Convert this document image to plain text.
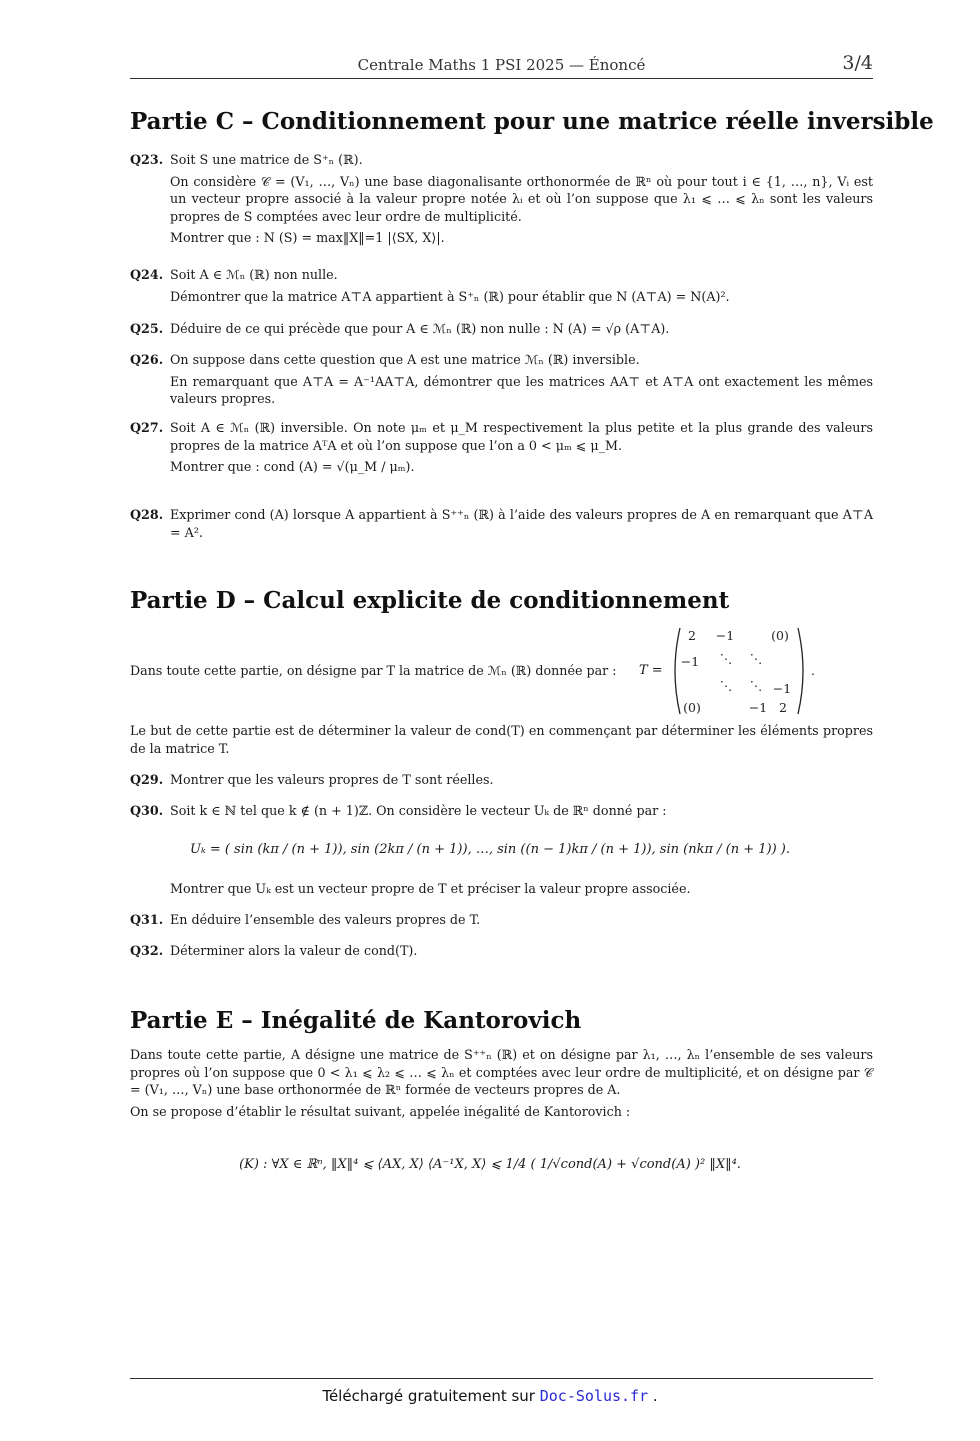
Centrale Maths 1 PSI 2025 — Énoncé	3/4
Partie C – Conditionnement pour une matrice réelle inversible
Q23. Soit S une matrice de S⁺ₙ (ℝ).

On considère 𝒞 = (V₁, …, Vₙ) une base diagonalisante orthonormée de ℝⁿ où pour tout i ∈ {1, …, n}, Vᵢ est un vecteur propre associé à la valeur propre notée λᵢ et où l’on suppose que λ₁ ⩽ … ⩽ λₙ sont les valeurs propres de S comptées avec leur ordre de multiplicité.

Montrer que : N (S) = max‖X‖=1 |⟨SX, X⟩|.

Q24. Soit A ∈ ℳₙ (ℝ) non nulle.

Démontrer que la matrice A⊤A appartient à S⁺ₙ (ℝ) pour établir que N (A⊤A) = N(A)².

Q25. Déduire de ce qui précède que pour A ∈ ℳₙ (ℝ) non nulle : N (A) = √ρ (A⊤A).

Q26. On suppose dans cette question que A est une matrice ℳₙ (ℝ) inversible.

En remarquant que A⊤A = A⁻¹AA⊤A, démontrer que les matrices AA⊤ et A⊤A ont exactement les mêmes valeurs propres.

Q27. Soit A ∈ ℳₙ (ℝ) inversible. On note μₘ et μ_M respectivement la plus petite et la plus grande des valeurs propres de la matrice AᵀA et où l’on suppose que l’on a 0 < μₘ ⩽ μ_M.

Montrer que : cond (A) = √(μ_M / μₘ).

Q28. Exprimer cond (A) lorsque A appartient à S⁺⁺ₙ (ℝ) à l’aide des valeurs propres de A en remarquant que A⊤A = A².

Partie D – Calcul explicite de conditionnement
Dans toute cette partie, on désigne par T la matrice de ℳₙ (ℝ) donnée par : T =
2 −1	(0)
−1 ⋱ ⋱
⋱ ⋱ −1
(0)	−1 2
.

Le but de cette partie est de déterminer la valeur de cond(T) en commençant par déterminer les éléments propres de la matrice T.

Q29. Montrer que les valeurs propres de T sont réelles.

Q30. Soit k ∈ ℕ tel que k ∉ (n + 1)ℤ. On considère le vecteur Uₖ de ℝⁿ donné par :

Uₖ = ( sin (kπ / (n + 1)), sin (2kπ / (n + 1)), …, sin ((n − 1)kπ / (n + 1)), sin (nkπ / (n + 1)) ).

Montrer que Uₖ est un vecteur propre de T et préciser la valeur propre associée.

Q31. En déduire l’ensemble des valeurs propres de T.

Q32. Déterminer alors la valeur de cond(T).

Partie E – Inégalité de Kantorovich

Dans toute cette partie, A désigne une matrice de S⁺⁺ₙ (ℝ) et on désigne par λ₁, …, λₙ l’ensemble de ses valeurs propres où l’on suppose que 0 < λ₁ ⩽ λ₂ ⩽ … ⩽ λₙ et comptées avec leur ordre de multiplicité, et on désigne par 𝒞 = (V₁, …, Vₙ) une base orthonormée de ℝⁿ formée de vecteurs propres de A.

On se propose d’établir le résultat suivant, appelée inégalité de Kantorovich :

(K) : ∀X ∈ ℝⁿ, ‖X‖⁴ ⩽ ⟨AX, X⟩ ⟨A⁻¹X, X⟩ ⩽ 1/4 ( 1/√cond(A) + √cond(A) )² ‖X‖⁴.
Téléchargé gratuitement sur Doc-Solus.fr .
